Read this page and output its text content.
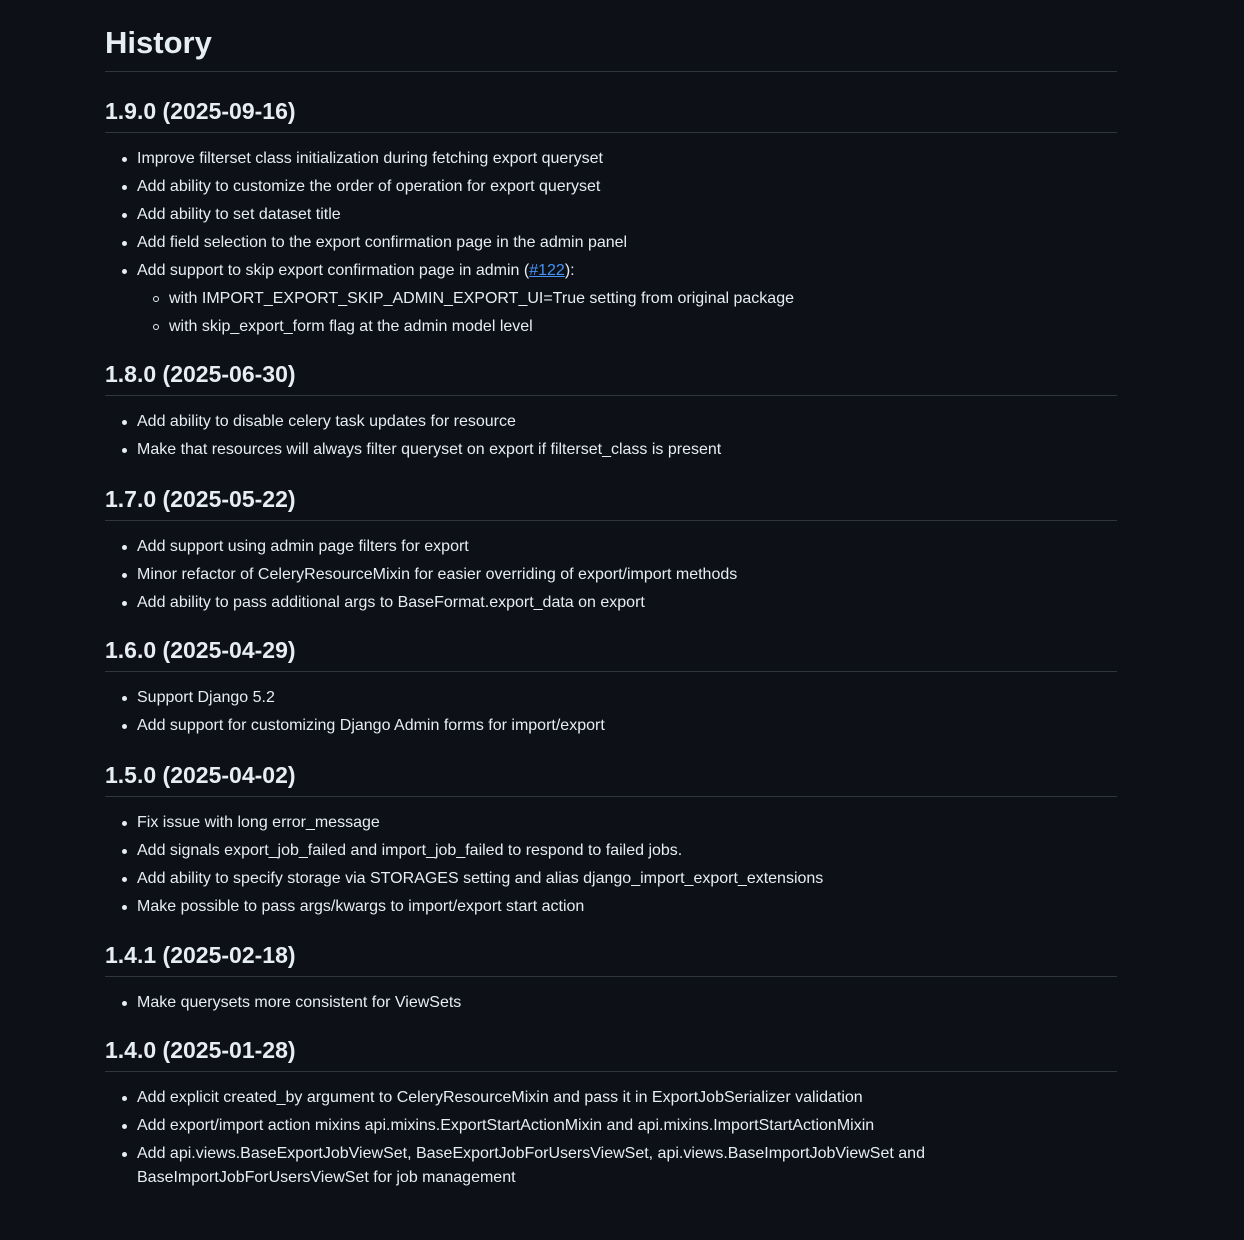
History
1.9.0 (2025-09-16)
Improve filterset class initialization during fetching export queryset
Add ability to customize the order of operation for export queryset
Add ability to set dataset title
Add field selection to the export confirmation page in the admin panel
Add support to skip export confirmation page in admin (#122):
with IMPORT_EXPORT_SKIP_ADMIN_EXPORT_UI=True setting from original package
with skip_export_form flag at the admin model level
1.8.0 (2025-06-30)
Add ability to disable celery task updates for resource
Make that resources will always filter queryset on export if filterset_class is present
1.7.0 (2025-05-22)
Add support using admin page filters for export
Minor refactor of CeleryResourceMixin for easier overriding of export/import methods
Add ability to pass additional args to BaseFormat.export_data on export
1.6.0 (2025-04-29)
Support Django 5.2
Add support for customizing Django Admin forms for import/export
1.5.0 (2025-04-02)
Fix issue with long error_message
Add signals export_job_failed and import_job_failed to respond to failed jobs.
Add ability to specify storage via STORAGES setting and alias django_import_export_extensions
Make possible to pass args/kwargs to import/export start action
1.4.1 (2025-02-18)
Make querysets more consistent for ViewSets
1.4.0 (2025-01-28)
Add explicit created_by argument to CeleryResourceMixin and pass it in ExportJobSerializer validation
Add export/import action mixins api.mixins.ExportStartActionMixin and api.mixins.ImportStartActionMixin
Add api.views.BaseExportJobViewSet, BaseExportJobForUsersViewSet, api.views.BaseImportJobViewSet and BaseImportJobForUsersViewSet for job management
